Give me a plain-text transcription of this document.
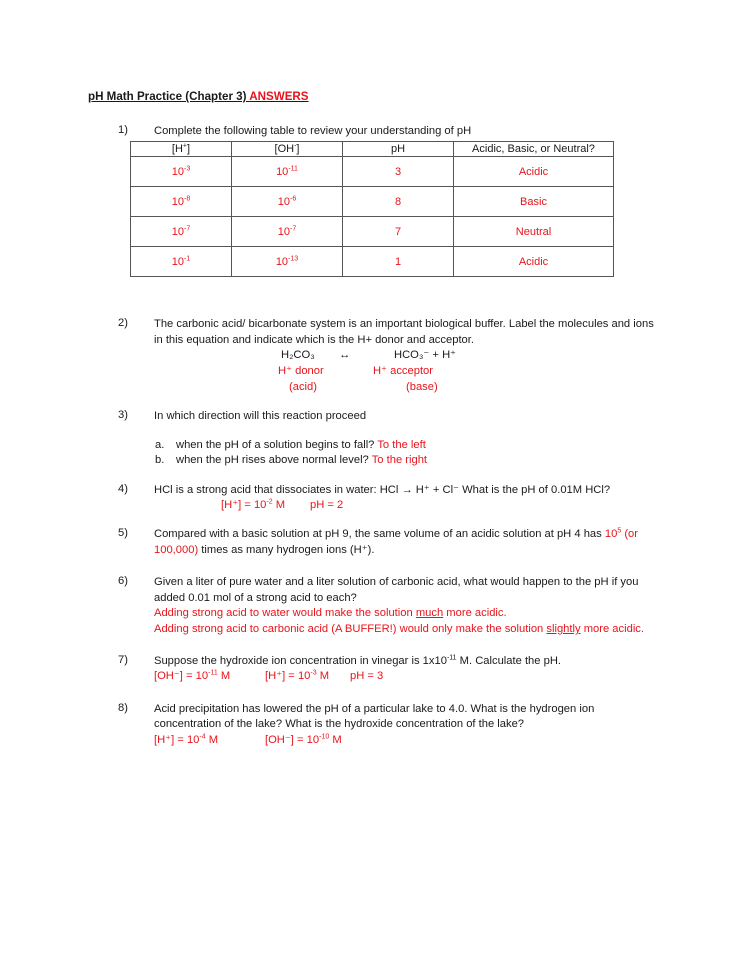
pH Math Practice (Chapter 3) ANSWERS
1)	Complete the following table to review your understanding of pH
[H+]	[OH-]	pH	Acidic, Basic, or Neutral?
$10^{-3}$	$10^{-11}$	3	Acidic
$10^{-8}$	$10^{-6}$	8	Basic
$10^{-7}$	$10^{-7}$	7	Neutral
$10^{-1}$	$10^{-13}$	1	Acidic
2)	The carbonic acid/ bicarbonate system is an important biological buffer. Label the molecules and ions
in this equation and indicate which is the H+ donor and acceptor.
H₂CO₃ ↔	HCO₃⁻ + H⁺
H⁺ donor	H⁺ acceptor
(acid)	(base)
3)	In which direction will this reaction proceed
a. when the pH of a solution begins to fall? To the left
b. when the pH rises above normal level? To the right
4)	HCl is a strong acid that dissociates in water: HCl → H⁺ + Cl⁻ What is the pH of 0.01M HCl?
$[H^+] = 10^{-2}$ M pH = 2
5)	Compared with a basic solution at pH 9, the same volume of an acidic solution at pH 4 has $10^5$ (or
100,000) times as many hydrogen ions (H⁺).
6)	Given a liter of pure water and a liter solution of carbonic acid, what would happen to the pH if you
added 0.01 mol of a strong acid to each?
Adding strong acid to water would make the solution much more acidic.
Adding strong acid to carbonic acid (A BUFFER!) would only make the solution slightly more acidic.
7)	Suppose the hydroxide ion concentration in vinegar is $1x10^{-11}$ M. Calculate the pH.
$[OH^-] = 10^{-11}$ M	$[H^+] = 10^{-3}$ M pH = 3
8)	Acid precipitation has lowered the pH of a particular lake to 4.0. What is the hydrogen ion
concentration of the lake? What is the hydroxide concentration of the lake?
$[H^+] = 10^{-4}$ M	$[OH^-] = 10^{-10}$ M
